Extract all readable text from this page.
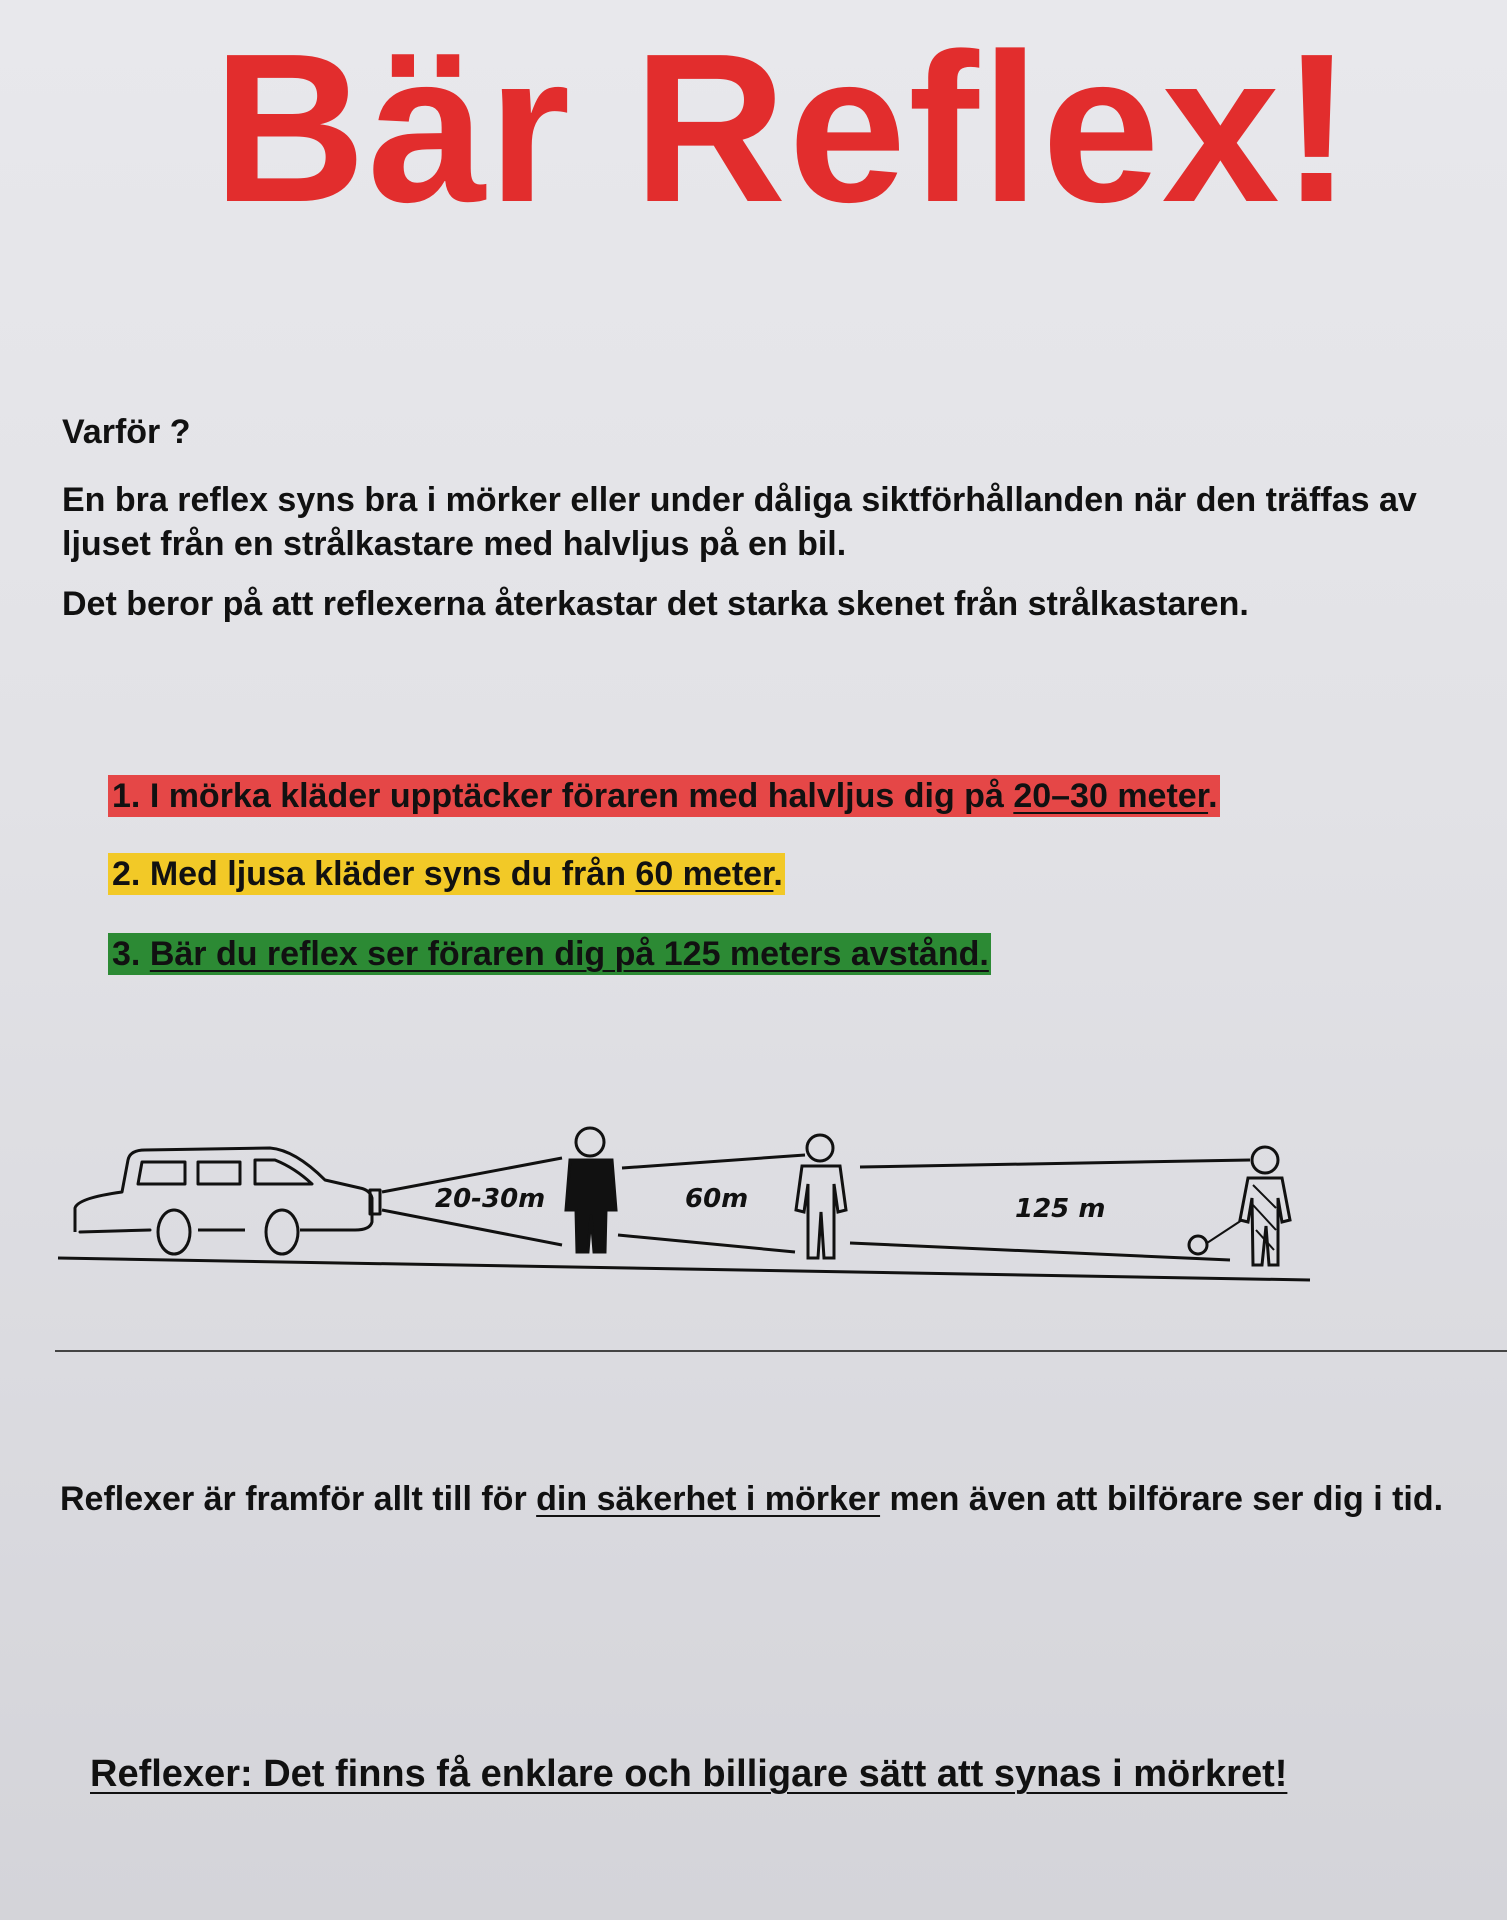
Bär Reflex!
Varför ?
En bra reflex syns bra i mörker eller under dåliga siktförhållanden när den träffas av ljuset från en strålkastare med halvljus på en bil.
Det beror på att reflexerna återkastar det starka skenet från strålkastaren.
1. I mörka kläder upptäcker föraren med halvljus dig på 20–30 meter.
2. Med ljusa kläder syns du från 60 meter.
3. Bär du reflex ser föraren dig på 125 meters avstånd.
20-30m	60m	125 m
Reflexer är framför allt till för din säkerhet i mörker men även att bilförare ser dig i tid.
Reflexer: Det finns få enklare och billigare sätt att synas i mörkret!
